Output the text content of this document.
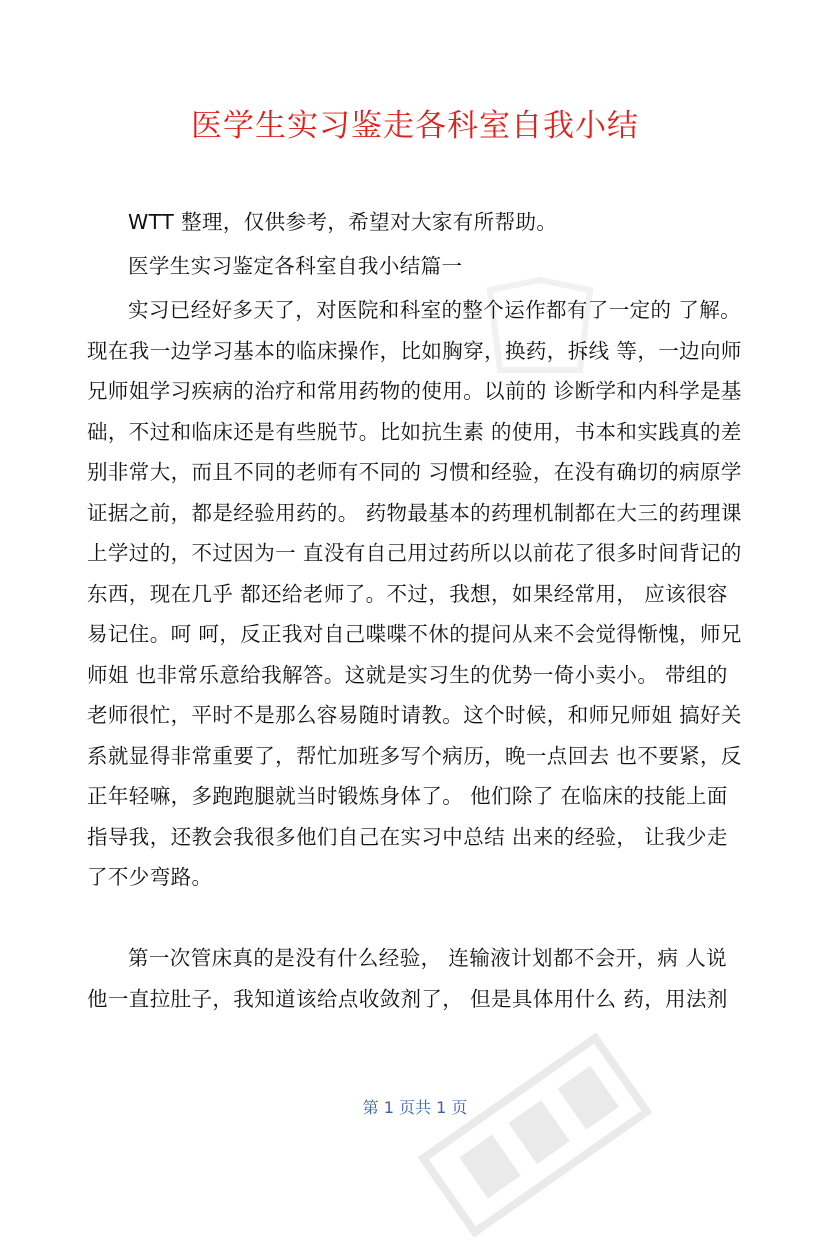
医学生实习鉴走各科室自我小结

WTT 整理，仅供参考，希望对大家有所帮助。

医学生实习鉴定各科室自我小结篇一

实习已经好多天了，对医院和科室的整个运作都有了一定的 了解。现在我一边学习基本的临床操作，比如胸穿，换药，拆线 等，一边向师兄师姐学习疾病的治疗和常用药物的使用。以前的 诊断学和内科学是基础，不过和临床还是有些脱节。比如抗生素 的使用，书本和实践真的差别非常大，而且不同的老师有不同的 习惯和经验，在没有确切的病原学证据之前，都是经验用药的。 药物最基本的药理机制都在大三的药理课上学过的，不过因为一 直没有自己用过药所以以前花了很多时间背记的东西，现在几乎 都还给老师了。不过，我想，如果经常用， 应该很容易记住。呵 呵，反正我对自己喋喋不休的提问从来不会觉得惭愧，师兄师姐 也非常乐意给我解答。这就是实习生的优势一倚小卖小。 带组的 老师很忙，平时不是那么容易随时请教。这个时候，和师兄师姐 搞好关系就显得非常重要了，帮忙加班多写个病历，晚一点回去 也不要紧，反正年轻嘛，多跑跑腿就当时锻炼身体了。 他们除了 在临床的技能上面指导我，还教会我很多他们自己在实习中总结 出来的经验， 让我少走了不少弯路。

第一次管床真的是没有什么经验， 连输液计划都不会开，病 人说他一直拉肚子，我知道该给点收敛剂了， 但是具体用什么 药，用法剂

第 1 页共 1 页
